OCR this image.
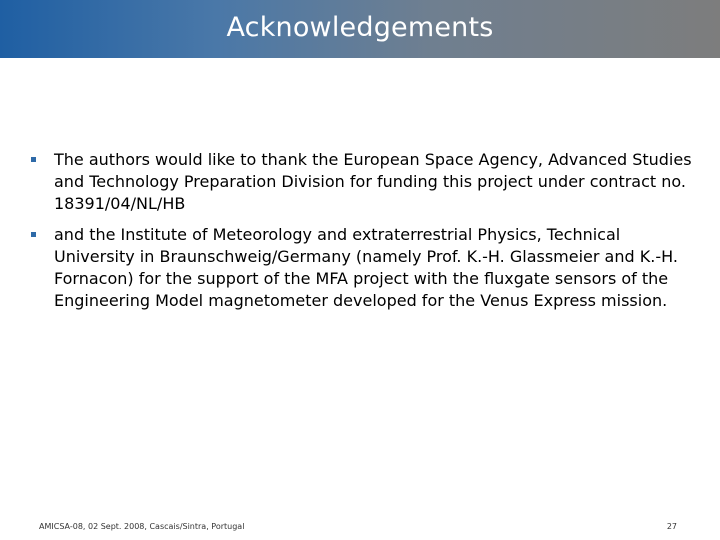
Acknowledgements
The authors would like to thank the European Space Agency, Advanced Studies and Technology Preparation Division for funding this project under contract no. 18391/04/NL/HB
and the Institute of Meteorology and extraterrestrial Physics, Technical University in Braunschweig/Germany (namely Prof. K.-H. Glassmeier and K.-H. Fornacon) for the support of the MFA project with the fluxgate sensors of the Engineering Model magnetometer developed for the Venus Express mission.
AMICSA-08, 02 Sept. 2008, Cascais/Sintra, Portugal	27
